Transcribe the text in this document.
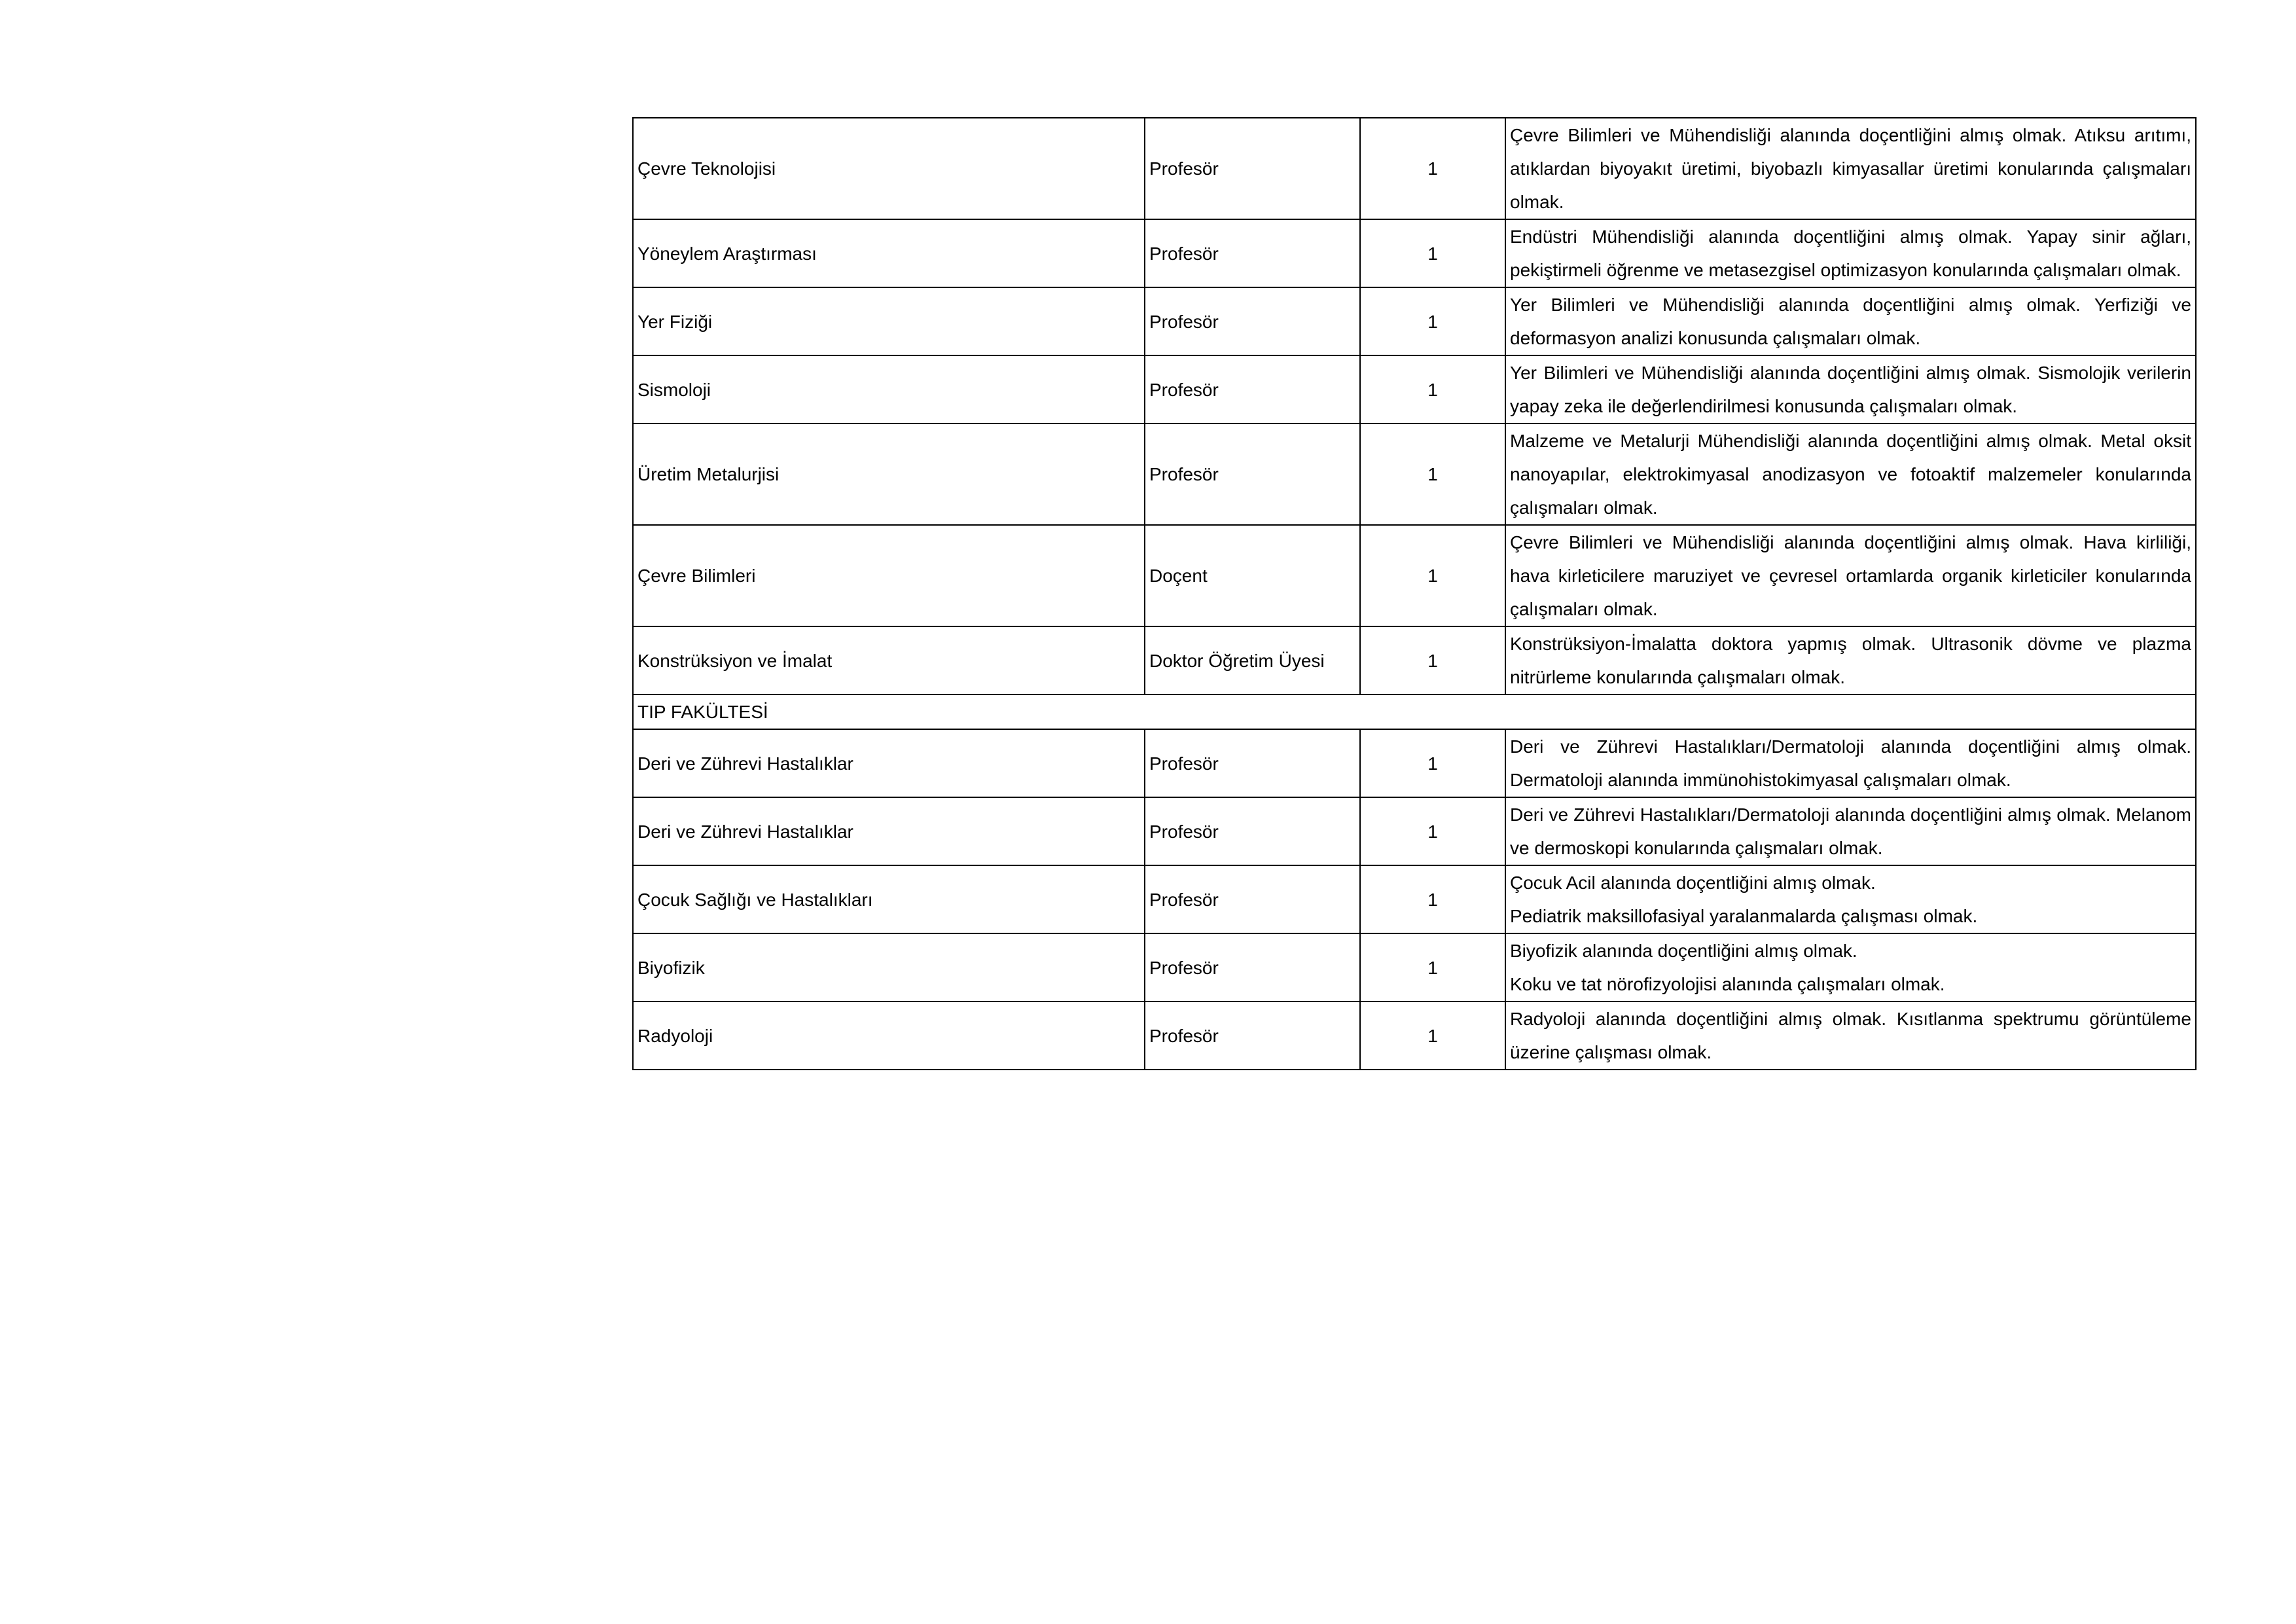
Çevre Teknolojisi	Profesör	1	Çevre Bilimleri ve Mühendisliği alanında doçentliğini almış olmak. Atıksu arıtımı, atıklardan biyoyakıt üretimi, biyobazlı kimyasallar üretimi konularında çalışmaları olmak.
Yöneylem Araştırması	Profesör	1	Endüstri Mühendisliği alanında doçentliğini almış olmak. Yapay sinir ağları, pekiştirmeli öğrenme ve metasezgisel optimizasyon konularında çalışmaları olmak.
Yer Fiziği	Profesör	1	Yer Bilimleri ve Mühendisliği alanında doçentliğini almış olmak. Yerfiziği ve deformasyon analizi konusunda çalışmaları olmak.
Sismoloji	Profesör	1	Yer Bilimleri ve Mühendisliği alanında doçentliğini almış olmak. Sismolojik verilerin yapay zeka ile değerlendirilmesi konusunda çalışmaları olmak.
Üretim Metalurjisi	Profesör	1	Malzeme ve Metalurji Mühendisliği alanında doçentliğini almış olmak. Metal oksit nanoyapılar, elektrokimyasal anodizasyon ve fotoaktif malzemeler konularında çalışmaları olmak.
Çevre Bilimleri	Doçent	1	Çevre Bilimleri ve Mühendisliği alanında doçentliğini almış olmak. Hava kirliliği, hava kirleticilere maruziyet ve çevresel ortamlarda organik kirleticiler konularında çalışmaları olmak.
Konstrüksiyon ve İmalat	Doktor Öğretim Üyesi	1	Konstrüksiyon-İmalatta doktora yapmış olmak. Ultrasonik dövme ve plazma nitrürleme konularında çalışmaları olmak.
TIP FAKÜLTESİ			
Deri ve Zührevi Hastalıklar	Profesör	1	Deri ve Zührevi Hastalıkları/Dermatoloji alanında doçentliğini almış olmak. Dermatoloji alanında immünohistokimyasal çalışmaları olmak.
Deri ve Zührevi Hastalıklar	Profesör	1	Deri ve Zührevi Hastalıkları/Dermatoloji alanında doçentliğini almış olmak. Melanom ve dermoskopi konularında çalışmaları olmak.
Çocuk Sağlığı ve Hastalıkları	Profesör	1	Çocuk Acil alanında doçentliğini almış olmak.
Pediatrik maksillofasiyal yaralanmalarda çalışması olmak.

Biyofizik	Profesör	1	Biyofizik alanında doçentliğini almış olmak.
Koku ve tat nörofizyolojisi alanında çalışmaları olmak.

Radyoloji	Profesör	1	Radyoloji alanında doçentliğini almış olmak. Kısıtlanma spektrumu görüntüleme üzerine çalışması olmak.
